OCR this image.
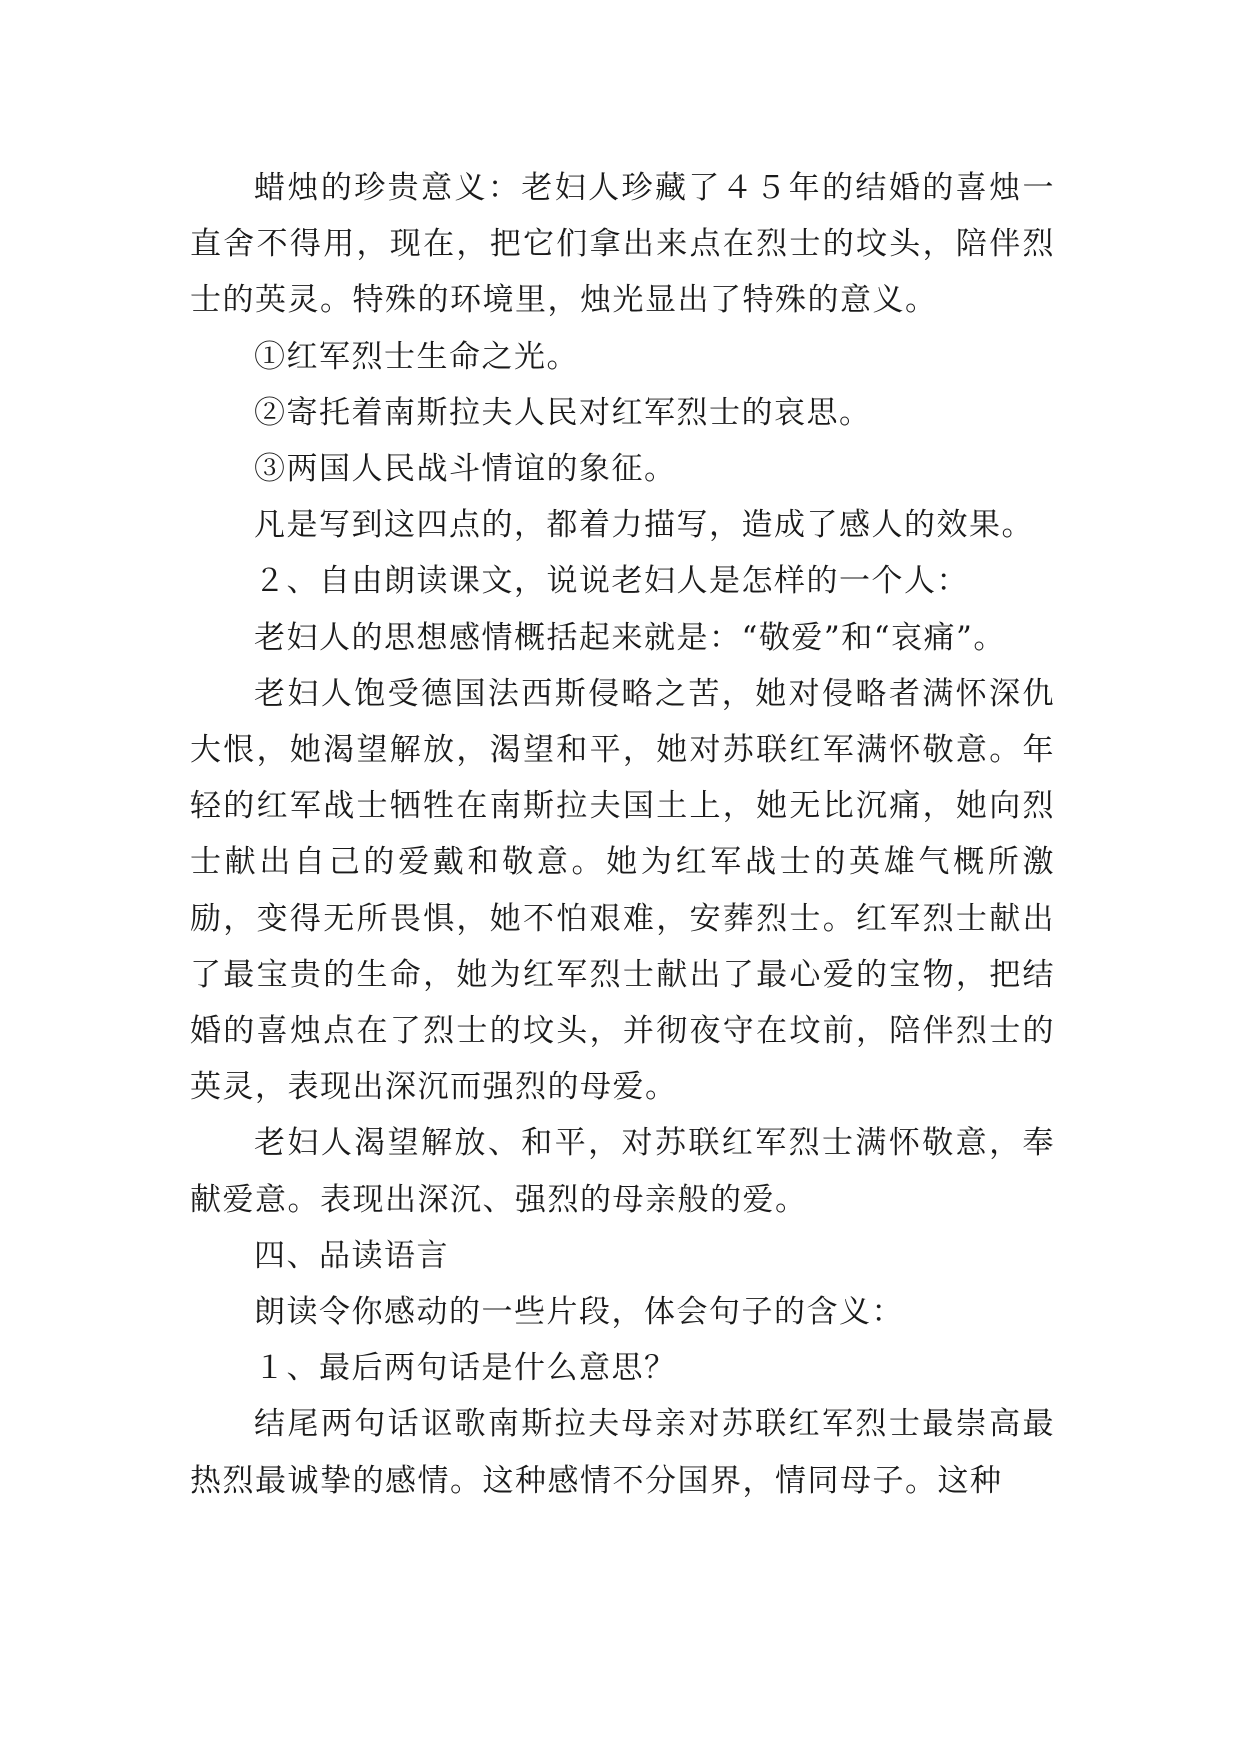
蜡烛的珍贵意义：老妇人珍藏了４５年的结婚的喜烛一直舍不得用，现在，把它们拿出来点在烈士的坟头，陪伴烈士的英灵。特殊的环境里，烛光显出了特殊的意义。

①红军烈士生命之光。

②寄托着南斯拉夫人民对红军烈士的哀思。

③两国人民战斗情谊的象征。

凡是写到这四点的，都着力描写，造成了感人的效果。

２、自由朗读课文，说说老妇人是怎样的一个人：

老妇人的思想感情概括起来就是：“敬爱”和“哀痛”。

老妇人饱受德国法西斯侵略之苦，她对侵略者满怀深仇大恨，她渴望解放，渴望和平，她对苏联红军满怀敬意。年轻的红军战士牺牲在南斯拉夫国土上，她无比沉痛，她向烈士献出自己的爱戴和敬意。她为红军战士的英雄气概所激励，变得无所畏惧，她不怕艰难，安葬烈士。红军烈士献出了最宝贵的生命，她为红军烈士献出了最心爱的宝物，把结婚的喜烛点在了烈士的坟头，并彻夜守在坟前，陪伴烈士的英灵，表现出深沉而强烈的母爱。

老妇人渴望解放、和平，对苏联红军烈士满怀敬意，奉献爱意。表现出深沉、强烈的母亲般的爱。

四、品读语言

朗读令你感动的一些片段，体会句子的含义：

１、最后两句话是什么意思？

结尾两句话讴歌南斯拉夫母亲对苏联红军烈士最崇高最热烈最诚挚的感情。这种感情不分国界，情同母子。这种
